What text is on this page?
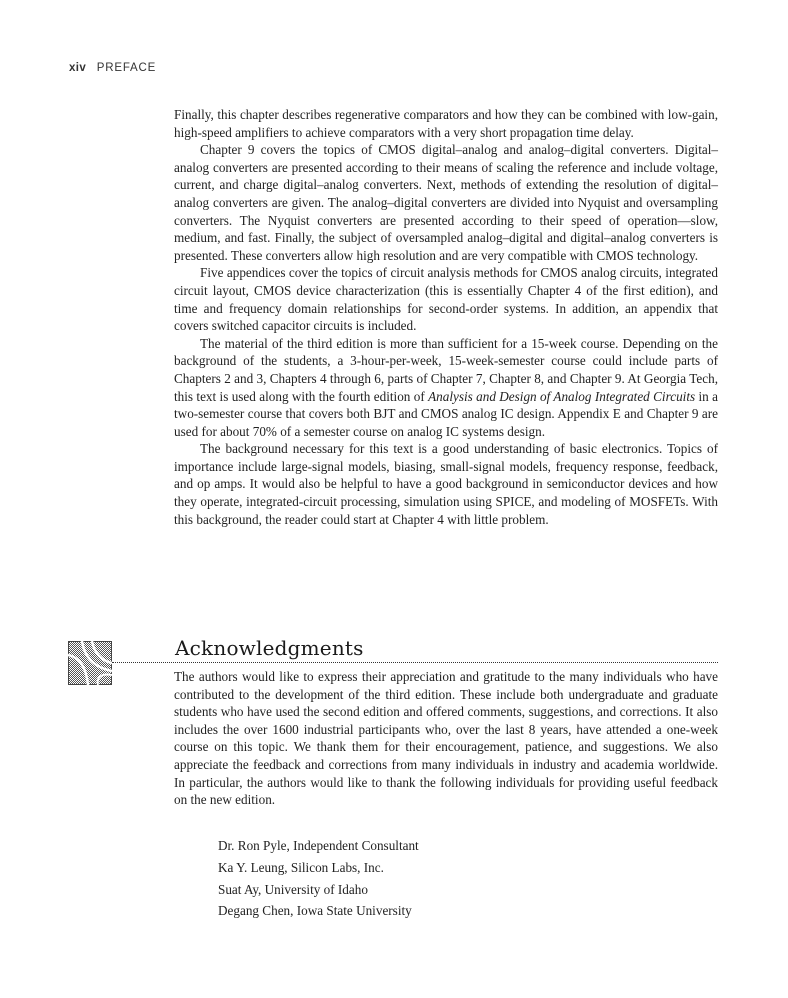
xiv PREFACE

Finally, this chapter describes regenerative comparators and how they can be combined with low-gain, high-speed amplifiers to achieve comparators with a very short propagation time delay.

Chapter 9 covers the topics of CMOS digital–analog and analog–digital converters. Digital–analog converters are presented according to their means of scaling the reference and include voltage, current, and charge digital–analog converters. Next, methods of extending the resolution of digital–analog converters are given. The analog–digital converters are divided into Nyquist and oversampling converters. The Nyquist converters are presented according to their speed of operation—slow, medium, and fast. Finally, the subject of oversampled analog–digital and digital–analog converters is presented. These converters allow high resolution and are very compatible with CMOS technology.

Five appendices cover the topics of circuit analysis methods for CMOS analog circuits, integrated circuit layout, CMOS device characterization (this is essentially Chapter 4 of the first edition), and time and frequency domain relationships for second-order systems. In addition, an appendix that covers switched capacitor circuits is included.

The material of the third edition is more than sufficient for a 15-week course. Depending on the background of the students, a 3-hour-per-week, 15-week-semester course could include parts of Chapters 2 and 3, Chapters 4 through 6, parts of Chapter 7, Chapter 8, and Chapter 9. At Georgia Tech, this text is used along with the fourth edition of Analysis and Design of Analog Integrated Circuits in a two-semester course that covers both BJT and CMOS analog IC design. Appendix E and Chapter 9 are used for about 70% of a semester course on analog IC systems design.

The background necessary for this text is a good understanding of basic electronics. Topics of importance include large-signal models, biasing, small-signal models, frequency response, feedback, and op amps. It would also be helpful to have a good background in semiconductor devices and how they operate, integrated-circuit processing, simulation using SPICE, and modeling of MOSFETs. With this background, the reader could start at Chapter 4 with little problem.

Acknowledgments

The authors would like to express their appreciation and gratitude to the many individuals who have contributed to the development of the third edition. These include both undergraduate and graduate students who have used the second edition and offered comments, suggestions, and corrections. It also includes the over 1600 industrial participants who, over the last 8 years, have attended a one-week course on this topic. We thank them for their encouragement, patience, and suggestions. We also appreciate the feedback and corrections from many individuals in industry and academia worldwide. In particular, the authors would like to thank the following individuals for providing useful feedback on the new edition.

Dr. Ron Pyle, Independent Consultant
Ka Y. Leung, Silicon Labs, Inc.
Suat Ay, University of Idaho
Degang Chen, Iowa State University
